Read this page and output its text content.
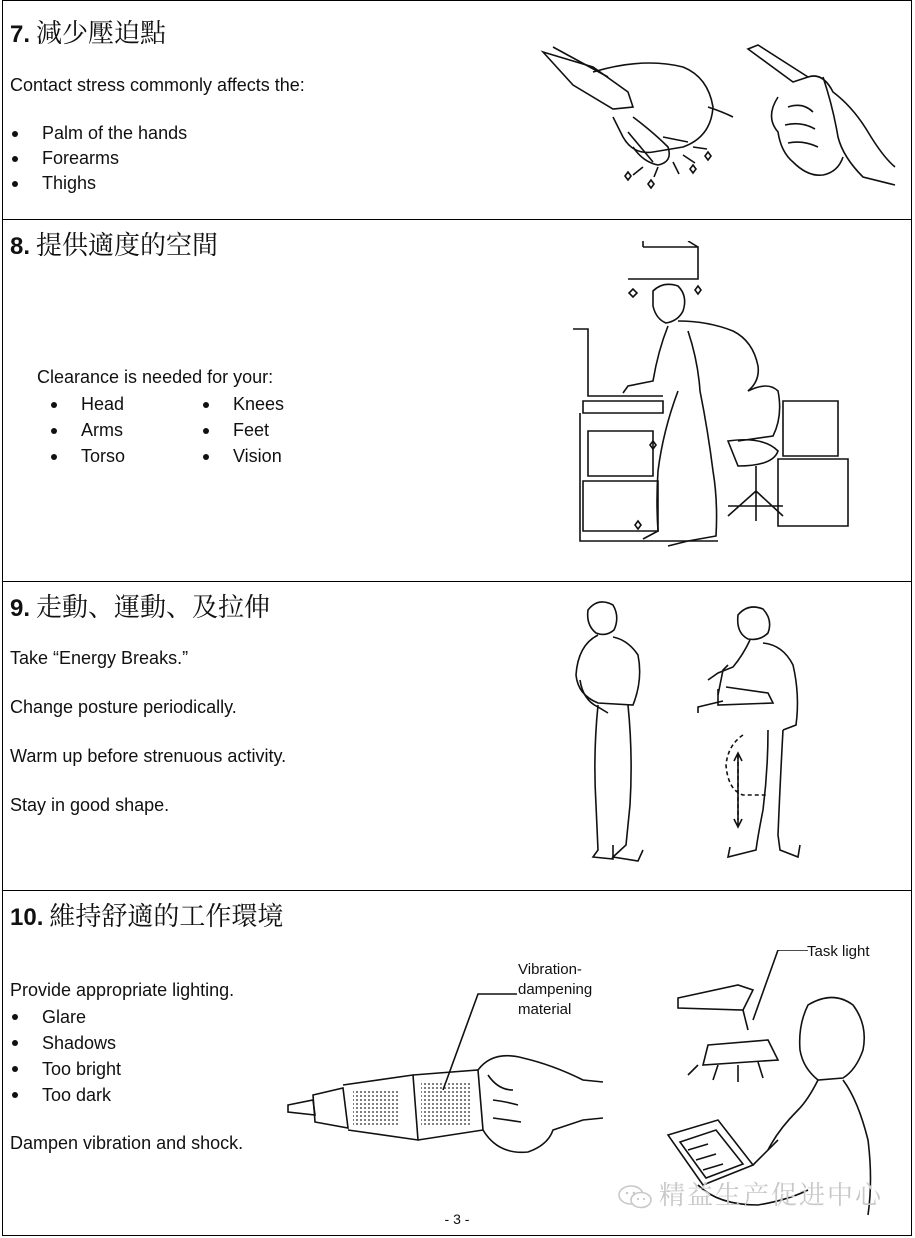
7. 減少壓迫點
Contact stress commonly affects the:
Palm of the hands
Forearms
Thighs
8. 提供適度的空間
Clearance is needed for your:
Head
Arms
Torso
Knees
Feet
Vision
9. 走動、運動、及拉伸
Take “Energy Breaks.”
Change posture periodically.
Warm up before strenuous activity.
Stay in good shape.
10. 維持舒適的工作環境
Provide appropriate lighting.
Glare
Shadows
Too bright
Too dark
Dampen vibration and shock.
Vibration-
dampening
material
Task light
- 3 -
精益生产促进中心
